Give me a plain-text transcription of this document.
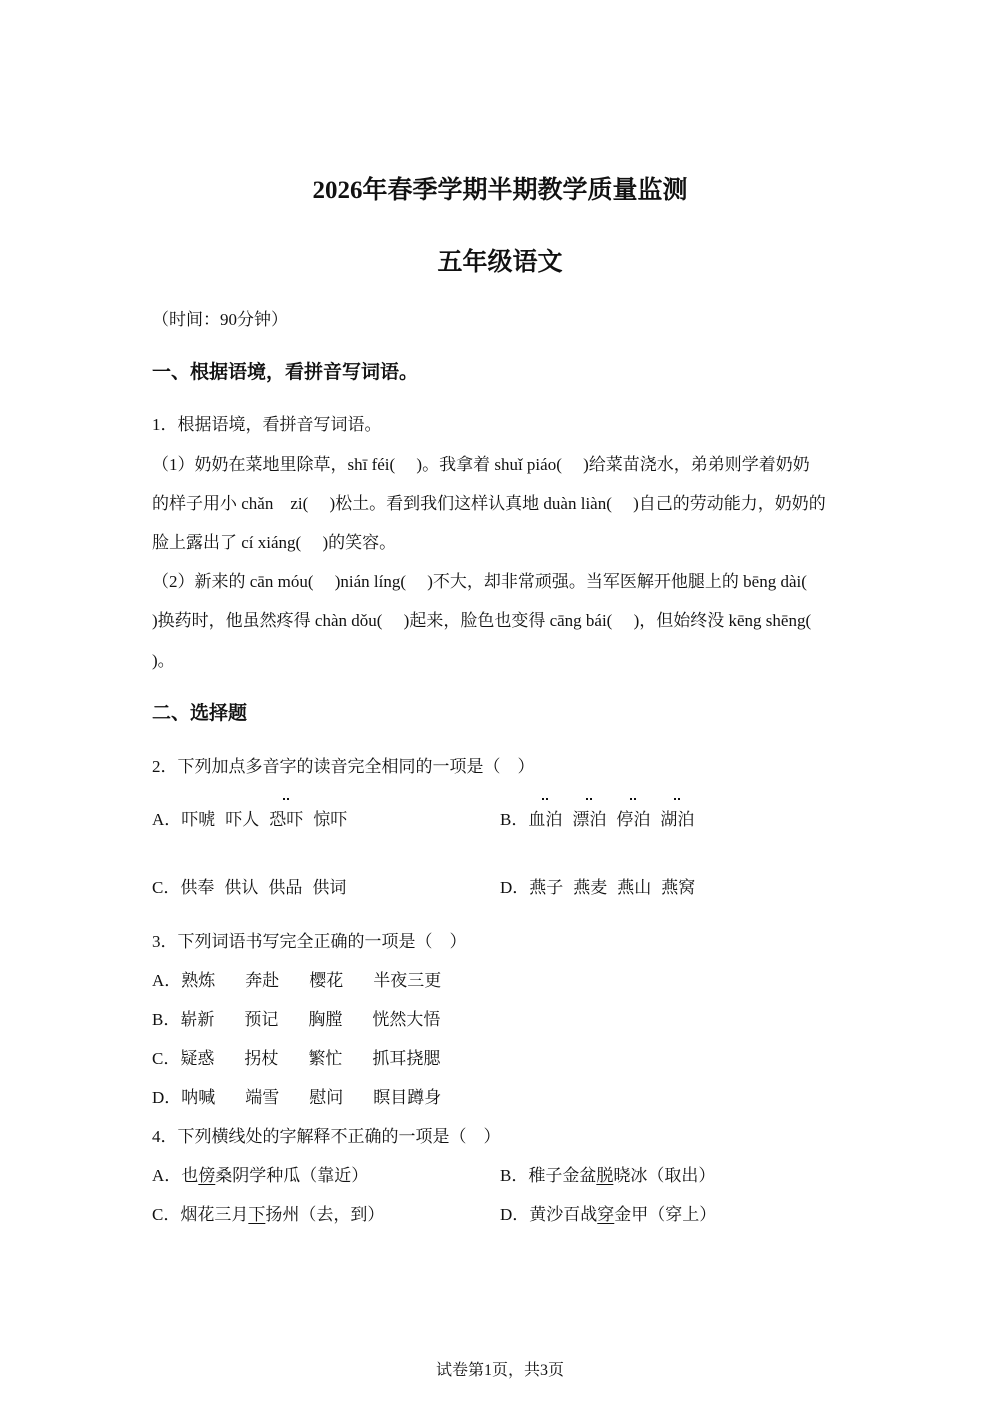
2026年春季学期半期教学质量监测
五年级语文
（时间：90分钟）
一、根据语境，看拼音写词语。
1．根据语境，看拼音写词语。
（1）奶奶在菜地里除草，shī féi(　 )。我拿着 shuǐ piáo(　 )给菜苗浇水，弟弟则学着奶奶
的样子用小 chǎn　zi(　 )松土。看到我们这样认真地 duàn liàn(　 )自己的劳动能力，奶奶的
脸上露出了 cí xiáng(　 )的笑容。
（2）新来的 cān móu(　 )nián líng(　 )不大，却非常顽强。当军医解开他腿上的 bēng dài(
)换药时，他虽然疼得 chàn dǒu(　 )起来，脸色也变得 cāng bái(　 )，但始终没 kēng shēng(
)。
二、选择题
2．下列加点多音字的读音完全相同的一项是（　）
A．吓唬 吓人 恐吓 惊吓	B．血泊 漂泊 停泊 湖泊
C．供奉 供认 供品 供词	D．燕子 燕麦 燕山 燕窝
3．下列词语书写完全正确的一项是（　）
A．熟炼 奔赴 樱花 半夜三更
B．崭新 预记 胸膛 恍然大悟
C．疑惑 拐杖 繁忙 抓耳挠腮
D．呐喊 端雪 慰问 瞑目蹲身
4．下列横线处的字解释不正确的一项是（　）
A．也傍桑阴学种瓜（靠近）	B．稚子金盆脱晓冰（取出）
C．烟花三月下扬州（去，到）	D．黄沙百战穿金甲（穿上）
试卷第1页，共3页
